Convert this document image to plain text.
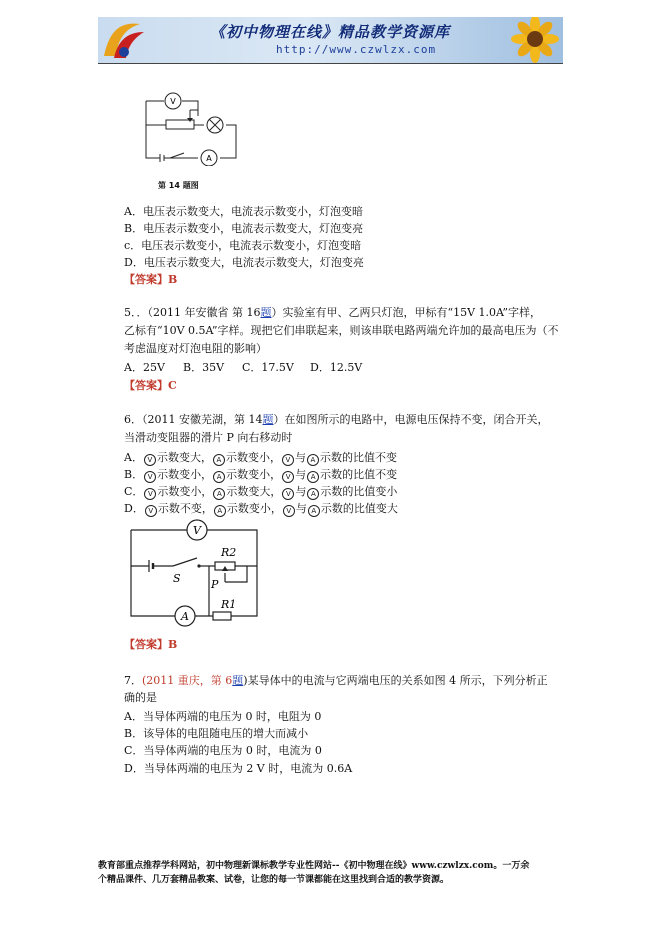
《初中物理在线》精品教学资源库
http://www.czwlzx.com
V
A
第 14 题图
A．电压表示数变大，电流表示数变小，灯泡变暗
B．电压表示数变小，电流表示数变大，灯泡变亮
c．电压表示数变小，电流表示数变小，灯泡变暗
D．电压表示数变大，电流表示数变大，灯泡变亮
【答案】B
5．．（2011 年安徽省 第 16题）实验室有甲、乙两只灯泡，甲标有“15V 1.0A”字样，
乙标有“10V 0.5A”字样。现把它们串联起来，则该串联电路两端允许加的最高电压为（不
考虑温度对灯泡电阻的影响）
A．25V B．35V C．17.5V D．12.5V
【答案】C
6．（2011 安徽芜湖，第 14题）在如图所示的电路中，电源电压保持不变，闭合开关，
当滑动变阻器的滑片 P 向右移动时
A． V 示数变大， A 示数变小， V 与 A 示数的比值不变
B． V 示数变小， A 示数变小， V 与 A 示数的比值不变
C． V 示数变小， A 示数变大， V 与 A 示数的比值变小
D． V 示数不变， A 示数变小， V 与 A 示数的比值变大
V
A
R2
S	P
R1
【答案】B
7．(2011 重庆，第 6题)某导体中的电流与它两端电压的关系如图 4 所示，下列分析正
确的是
A．当导体两端的电压为 0 时，电阻为 0
B．该导体的电阻随电压的增大而减小
C．当导体两端的电压为 0 时，电流为 0
D．当导体两端的电压为 2 V 时，电流为 0.6A
教育部重点推荐学科网站，初中物理新课标教学专业性网站--《初中物理在线》www.czwlzx.com。一万余
个精品课件、几万套精品教案、试卷，让您的每一节课都能在这里找到合适的教学资源。
